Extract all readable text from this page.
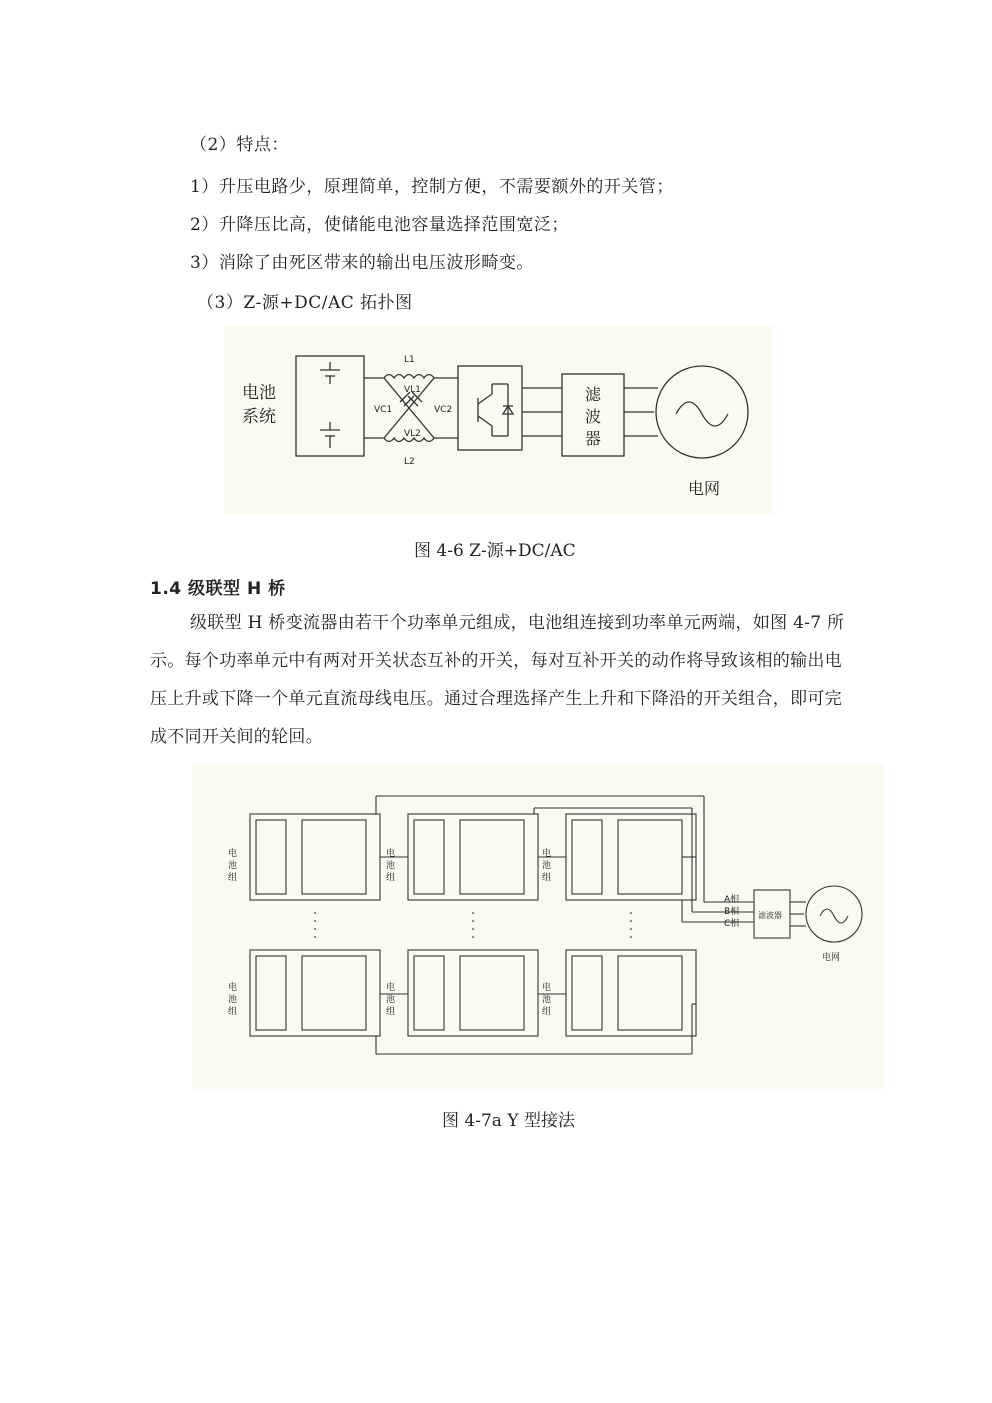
（2）特点：
1）升压电路少，原理简单，控制方便，不需要额外的开关管；
2）升降压比高，使储能电池容量选择范围宽泛；
3）消除了由死区带来的输出电压波形畸变。
（3）Z-源+DC/AC 拓扑图
电池
系统
L1
L2
VL1
VL2
VC1	VC2
滤
波
器
电网
图 4-6 Z-源+DC/AC
1.4 级联型 H 桥
级联型 H 桥变流器由若干个功率单元组成，电池组连接到功率单元两端，如图 4-7 所示。每个功率单元中有两对开关状态互补的开关，每对互补开关的动作将导致该相的输出电压上升或下降一个单元直流母线电压。通过合理选择产生上升和下降沿的开关组合，即可完成不同开关间的轮回。
电
池
组
电
池
组
电
池
组
电
池
组
电
池
组
电
池
组
A相
B相
C相
滤波器
电网
图 4-7a Y 型接法
